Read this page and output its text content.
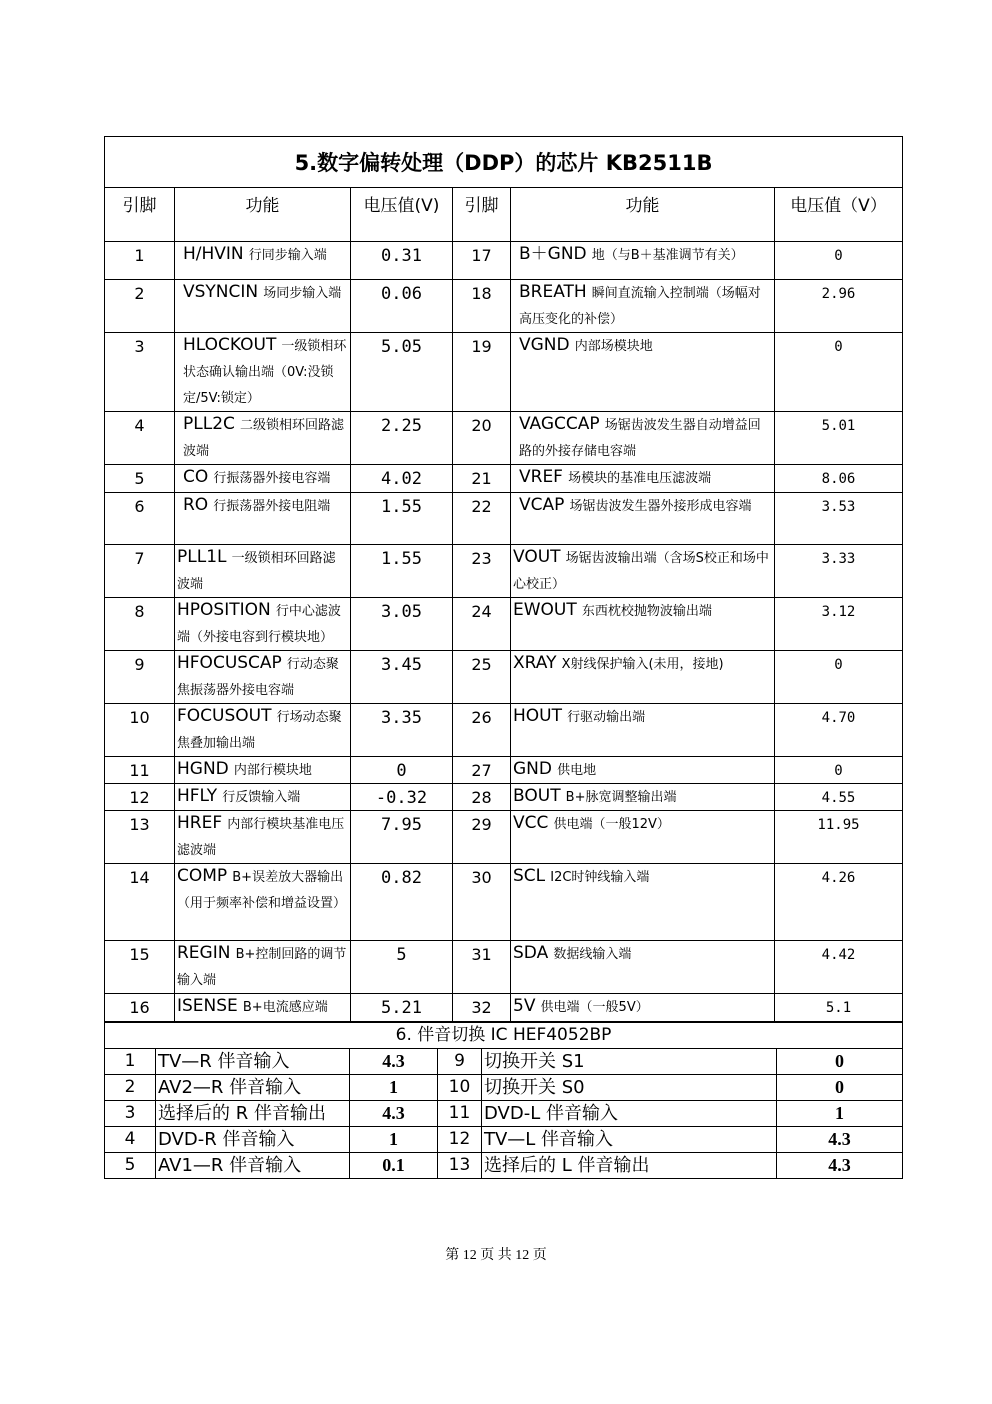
5.数字偏转处理（DDP）的芯片 KB2511B					
引脚	功能	电压值(V)	引脚	功能	电压值（V）
1	H/HVIN 行同步输入端	0.31	17	B＋GND 地（与B＋基准调节有关）	0
2	VSYNCIN 场同步输入端	0.06	18	BREATH 瞬间直流输入控制端（场幅对高压变化的补偿）	2.96
3	HLOCKOUT 一级锁相环状态确认输出端（0V:没锁定/5V:锁定）	5.05	19	VGND 内部场模块地	0
4	PLL2C 二级锁相环回路滤波端	2.25	20	VAGCCAP 场锯齿波发生器自动增益回路的外接存储电容端	5.01
5	CO 行振荡器外接电容端	4.02	21	VREF 场模块的基准电压滤波端	8.06
6	RO 行振荡器外接电阻端	1.55	22	VCAP 场锯齿波发生器外接形成电容端	3.53
7	PLL1L 一级锁相环回路滤波端	1.55	23	VOUT 场锯齿波输出端（含场S校正和场中心校正）	3.33
8	HPOSITION 行中心滤波端（外接电容到行模块地）	3.05	24	EWOUT 东西枕校抛物波输出端	3.12
9	HFOCUSCAP 行动态聚焦振荡器外接电容端	3.45	25	XRAY X射线保护输入(未用，接地)	0
10	FOCUSOUT 行场动态聚焦叠加输出端	3.35	26	HOUT 行驱动输出端	4.70
11	HGND 内部行模块地	0	27	GND 供电地	0
12	HFLY 行反馈输入端	-0.32	28	BOUT B+脉宽调整输出端	4.55
13	HREF 内部行模块基准电压滤波端	7.95	29	VCC 供电端（一般12V）	11.95
14	COMP B+误差放大器输出（用于频率补偿和增益设置）	0.82	30	SCL I2C时钟线输入端	4.26
15	REGIN B+控制回路的调节输入端	5	31	SDA 数据线输入端	4.42
16	ISENSE B+电流感应端	5.21	32	5V 供电端（一般5V）	5.1
6. 伴音切换 IC HEF4052BP					
1	TV—R 伴音输入	4.3	9	切换开关 S1	0
2	AV2—R 伴音输入	1	10	切换开关 S0	0
3	选择后的 R 伴音输出	4.3	11	DVD-L 伴音输入	1
4	DVD-R 伴音输入	1	12	TV—L 伴音输入	4.3
5	AV1—R 伴音输入	0.1	13	选择后的 L 伴音输出	4.3
第 12 页 共 12 页
